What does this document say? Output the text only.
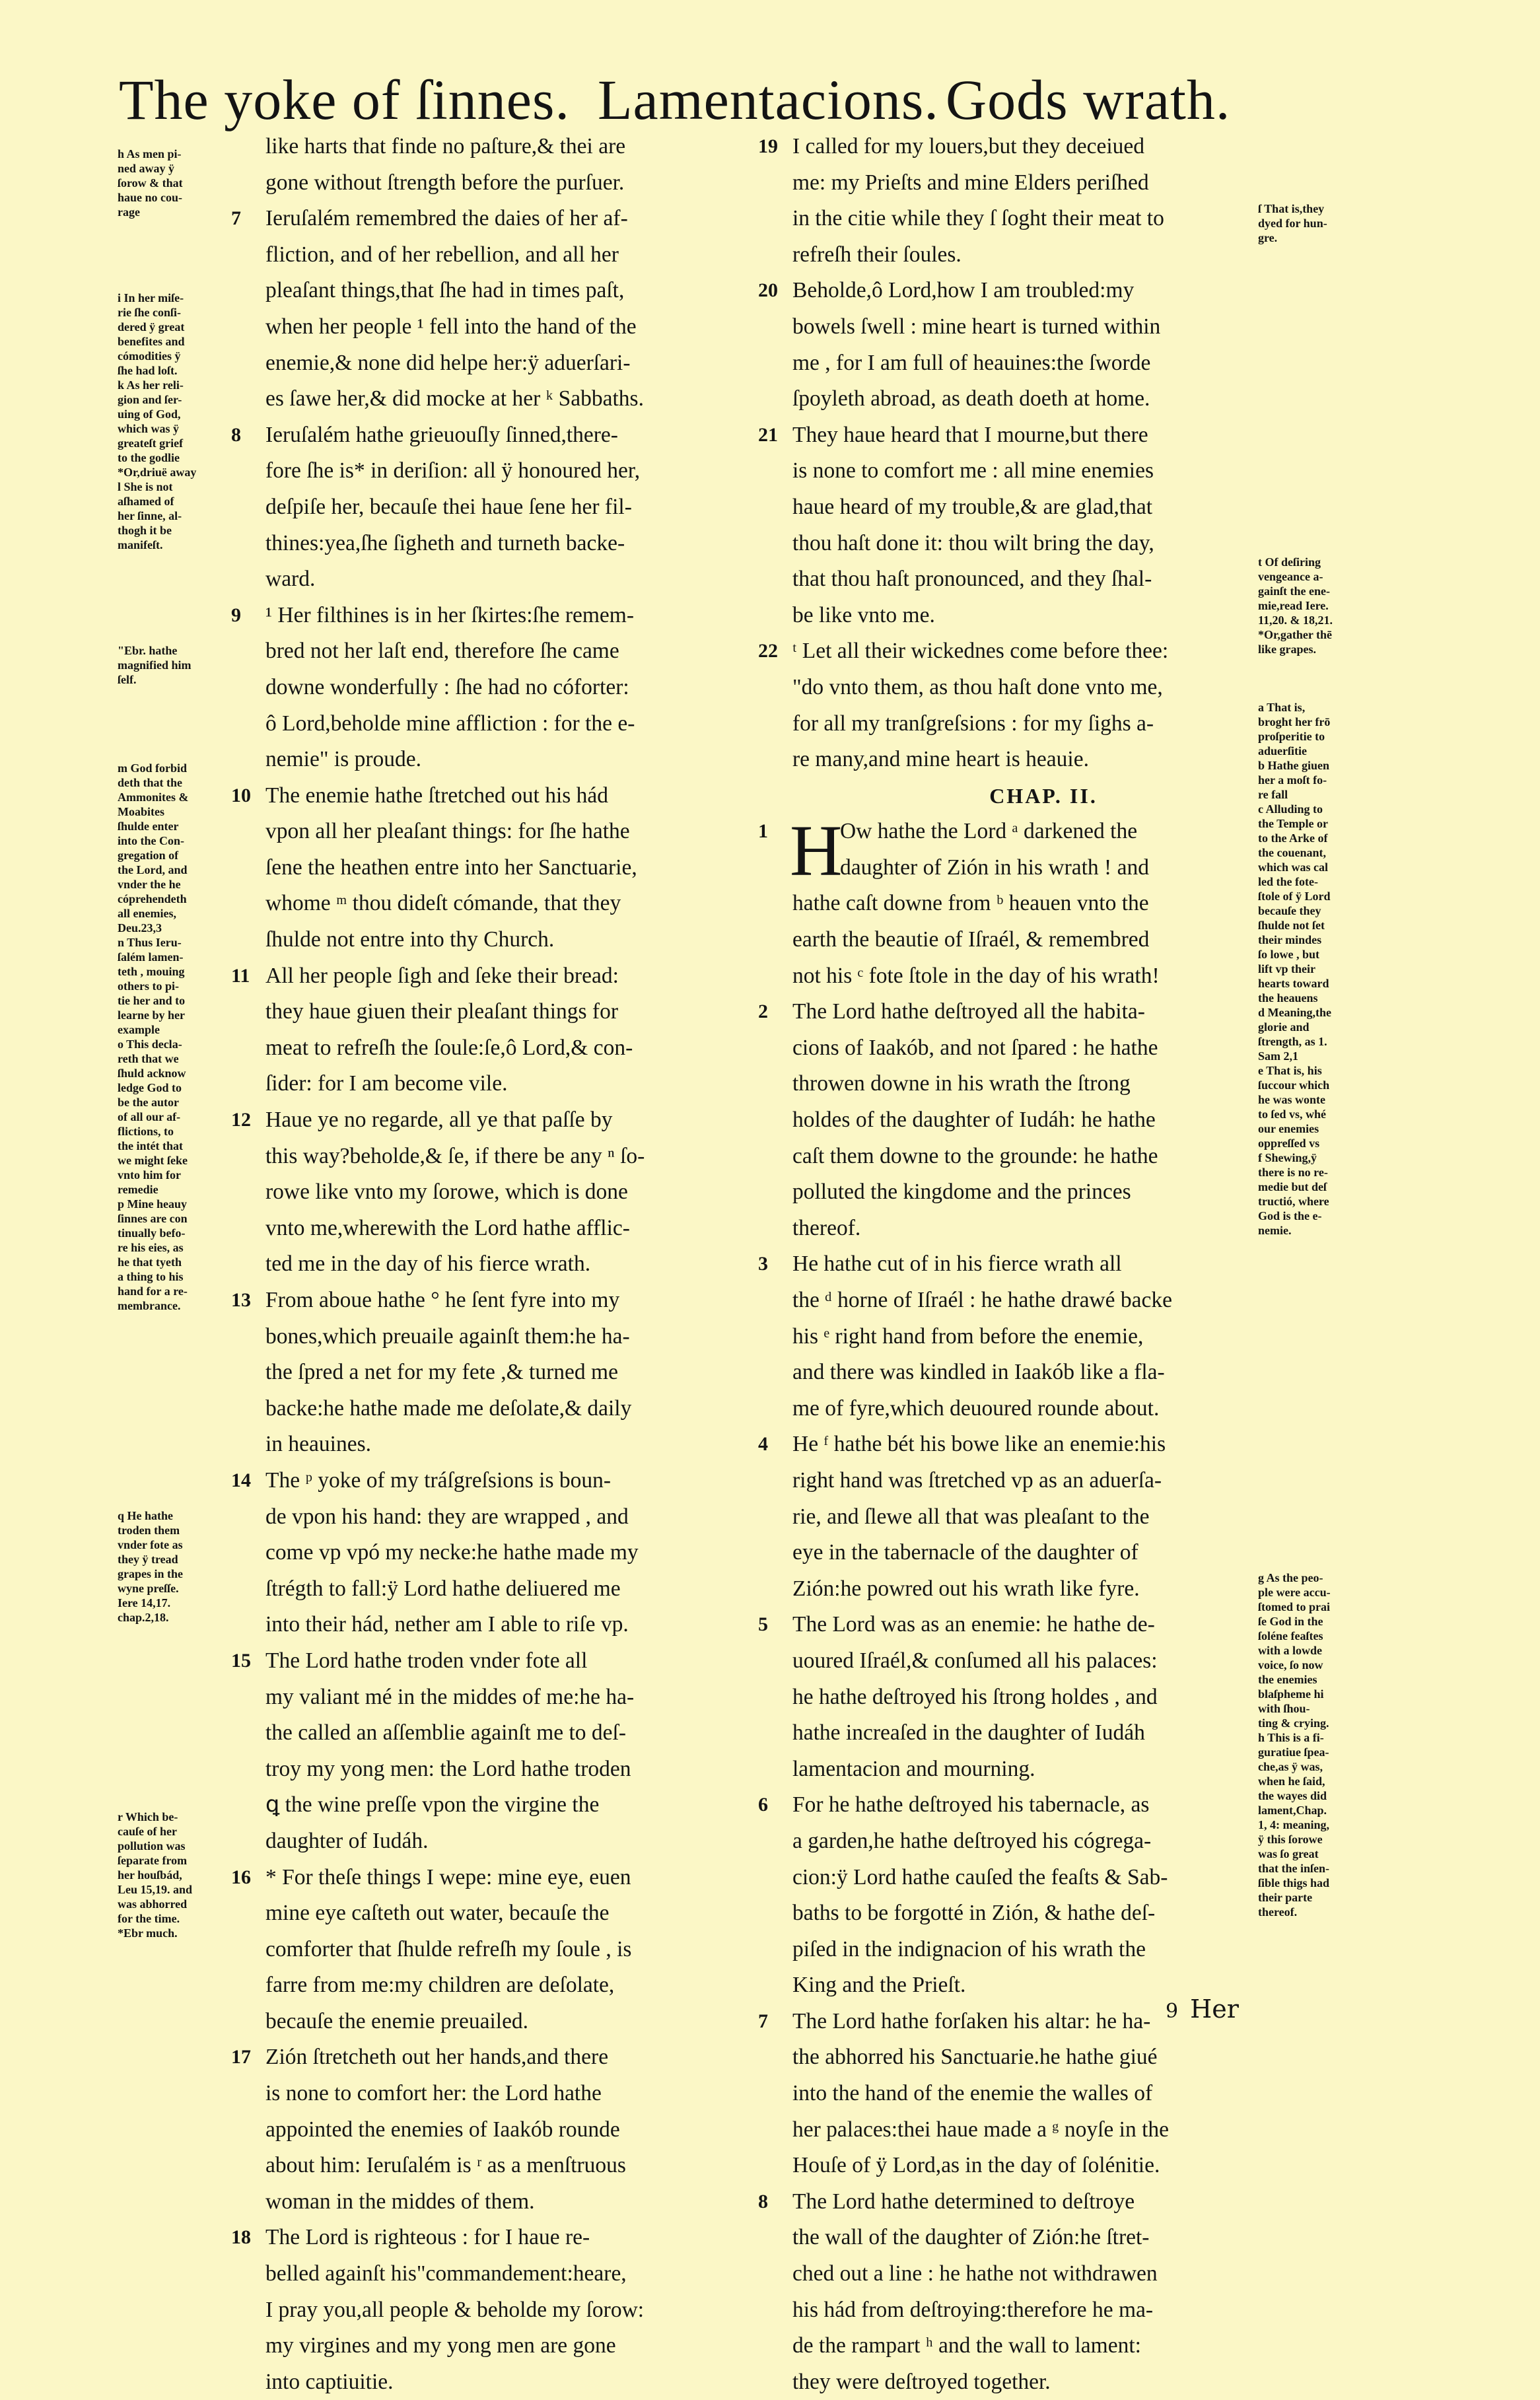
The yoke of ſinnes. Lamentacions. Gods wrath.
like harts that finde no paſture,& thei are
gone without ſtrength before the purſuer.
7 Ieruſalém remembred the daies of her af-
fliction, and of her rebellion, and all her
pleaſant things,that ſhe had in times paſt,
when her people ¹ fell into the hand of the
enemie,& none did helpe her:ÿ aduerſari-
es ſawe her,& did mocke at her ᵏ Sabbaths.
8 Ieruſalém hathe grieuouſly ſinned,there-
fore ſhe is* in deriſion: all ÿ honoured her,
deſpiſe her, becauſe thei haue ſene her fil-
thines:yea,ſhe ſigheth and turneth backe-
ward.
9 ¹ Her filthines is in her ſkirtes:ſhe remem-
bred not her laſt end, therefore ſhe came
downe wonderfully : ſhe had no cóforter:
ô Lord,beholde mine affliction : for the e-
nemie" is proude.
10 The enemie hathe ſtretched out his hád
vpon all her pleaſant things: for ſhe hathe
ſene the heathen entre into her Sanctuarie,
whome ᵐ thou dideſt cómande, that they
ſhulde not entre into thy Church.
11 All her people ſigh and ſeke their bread:
they haue giuen their pleaſant things for
meat to refreſh the ſoule:ſe,ô Lord,& con-
ſider: for I am become vile.
12 Haue ye no regarde, all ye that paſſe by
this way?beholde,& ſe, if there be any ⁿ ſo-
rowe like vnto my ſorowe, which is done
vnto me,wherewith the Lord hathe afflic-
ted me in the day of his fierce wrath.
13 From aboue hathe ° he ſent fyre into my
bones,which preuaile againſt them:he ha-
the ſpred a net for my fete ,& turned me
backe:he hathe made me deſolate,& daily
in heauines.
14 The ᵖ yoke of my tráſgreſsions is boun-
de vpon his hand: they are wrapped , and
come vp vpó my necke:he hathe made my
ſtrégth to fall:ÿ Lord hathe deliuered me
into their hád, nether am I able to riſe vp.
15 The Lord hathe troden vnder fote all
my valiant mé in the middes of me:he ha-
the called an aſſemblie againſt me to deſ-
troy my yong men: the Lord hathe troden
ꝗ the wine preſſe vpon the virgine the
daughter of Iudáh.
16 * For theſe things I wepe: mine eye, euen
mine eye caſteth out water, becauſe the
comforter that ſhulde refreſh my ſoule , is
farre from me:my children are deſolate,
becauſe the enemie preuailed.
17 Zión ſtretcheth out her hands,and there
is none to comfort her: the Lord hathe
appointed the enemies of Iaakób rounde
about him: Ieruſalém is ʳ as a menſtruous
woman in the middes of them.
18 The Lord is righteous : for I haue re-
belled againſt his"commandement:heare,
I pray you,all people & beholde my ſorow:
my virgines and my yong men are gone
into captiuitie.
19 I called for my louers,but they deceiued
me: my Prieſts and mine Elders periſhed
in the citie while they ſ ſoght their meat to
refreſh their ſoules.
20 Beholde,ô Lord,how I am troubled:my
bowels ſwell : mine heart is turned within
me , for I am full of heauines:the ſworde
ſpoyleth abroad, as death doeth at home.
21 They haue heard that I mourne,but there
is none to comfort me : all mine enemies
haue heard of my trouble,& are glad,that
thou haſt done it: thou wilt bring the day,
that thou haſt pronounced, and they ſhal-
be like vnto me.
22 ᵗ Let all their wickednes come before thee:
"do vnto them, as thou haſt done vnto me,
for all my tranſgreſsions : for my ſighs a-
re many,and mine heart is heauie.
CHAP. II.
H
1	Ow hathe the Lord ᵃ darkened the
daughter of Zión in his wrath ! and
hathe caſt downe from ᵇ heauen vnto the
earth the beautie of Iſraél, & remembred
not his ᶜ fote ſtole in the day of his wrath!
2 The Lord hathe deſtroyed all the habita-
cions of Iaakób, and not ſpared : he hathe
throwen downe in his wrath the ſtrong
holdes of the daughter of Iudáh: he hathe
caſt them downe to the grounde: he hathe
polluted the kingdome and the princes
thereof.
3 He hathe cut of in his fierce wrath all
the ᵈ horne of Iſraél : he hathe drawé backe
his ᵉ right hand from before the enemie,
and there was kindled in Iaakób like a fla-
me of fyre,which deuoured rounde about.
4 He ᶠ hathe bét his bowe like an enemie:his
right hand was ſtretched vp as an aduerſa-
rie, and ſlewe all that was pleaſant to the
eye in the tabernacle of the daughter of
Zión:he powred out his wrath like fyre.
5 The Lord was as an enemie: he hathe de-
uoured Iſraél,& conſumed all his palaces:
he hathe deſtroyed his ſtrong holdes , and
hathe increaſed in the daughter of Iudáh
lamentacion and mourning.
6 For he hathe deſtroyed his tabernacle, as
a garden,he hathe deſtroyed his cógrega-
cion:ÿ Lord hathe cauſed the feaſts & Sab-
baths to be forgotté in Zión, & hathe deſ-
piſed in the indignacion of his wrath the
King and the Prieſt.
7 The Lord hathe forſaken his altar: he ha-
the abhorred his Sanctuarie.he hathe giué
into the hand of the enemie the walles of
her palaces:thei haue made a ᵍ noyſe in the
Houſe of ÿ Lord,as in the day of ſolénitie.
8 The Lord hathe determined to deſtroye
the wall of the daughter of Zión:he ſtret-
ched out a line : he hathe not withdrawen
his hád from deſtroying:therefore he ma-
de the rampart ʰ and the wall to lament:
they were deſtroyed together.
9 Her
h As men pi-
ned away ÿ
ſorow & that
haue no cou-
rage
i In her miſe-
rie ſhe conſi-
dered ÿ great
benefites and
cómodities ÿ
ſhe had loſt.
k As her reli-
gion and ſer-
uing of God,
which was ÿ
greateſt grief
to the godlie
*Or,driuë away
l She is not
aſhamed of
her ſinne, al-
thogh it be
manifeſt.
"Ebr. hathe
magnified him
ſelf.
m God forbid
deth that the
Ammonites &
Moabites
ſhulde enter
into the Con-
gregation of
the Lord, and
vnder the he
cóprehendeth
all enemies,
Deu.23,3
n Thus Ieru-
ſalém lamen-
teth , mouing
others to pi-
tie her and to
learne by her
example
o This decla-
reth that we
ſhuld acknow
ledge God to
be the autor
of all our af-
flictions, to
the intét that
we might ſeke
vnto him for
remedie
p Mine heauy
ſinnes are con
tinually befo-
re his eies, as
he that tyeth
a thing to his
hand for a re-
membrance.
q He hathe
troden them
vnder fote as
they ÿ tread
grapes in the
wyne preſſe.
Iere 14,17.
chap.2,18.
r Which be-
cauſe of her
pollution was
ſeparate from
her houſbád,
Leu 15,19. and
was abhorred
for the time.
*Ebr much.
ſ That is,they
dyed for hun-
gre.
t Of deſiring
vengeance a-
gainſt the ene-
mie,read Iere.
11,20. & 18,21.
*Or,gather thē
like grapes.
a That is,
broght her frō
proſperitie to
aduerſitie
b Hathe giuen
her a moſt fo-
re fall
c Alluding to
the Temple or
to the Arke of
the couenant,
which was cal
led the fote-
ſtole of ÿ Lord
becauſe they
ſhulde not ſet
their mindes
ſo lowe , but
lift vp their
hearts toward
the heauens
d Meaning,the
glorie and
ſtrength, as 1.
Sam 2,1
e That is, his
ſuccour which
he was wonte
to ſed vs, whé
our enemies
oppreſſed vs
f Shewing,ÿ
there is no re-
medie but deſ
tructió, where
God is the e-
nemie.
g As the peo-
ple were accu-
ſtomed to prai
ſe God in the
ſoléne feaſtes
with a lowde
voice, ſo now
the enemies
blaſpheme hi
with ſhou-
ting & crying.
h This is a fi-
guratiue ſpea-
che,as ÿ was,
when he ſaid,
the wayes did
lament,Chap.
1, 4: meaning,
ÿ this ſorowe
was ſo great
that the inſen-
ſible thigs had
their parte
thereof.
